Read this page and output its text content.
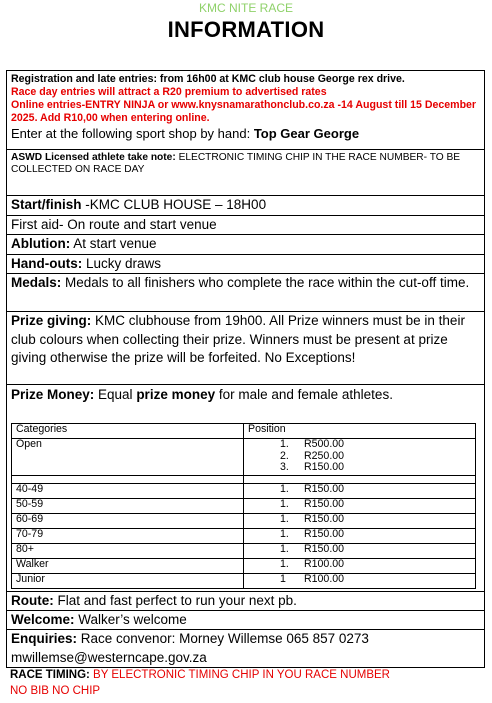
KMC NITE RACE
INFORMATION
Registration and late entries: from 16h00 at KMC club house George rex drive.
Race day entries will attract a R20 premium to advertised rates
Online entries-ENTRY NINJA or www.knysnamarathonclub.co.za -14 August till 15 December 2025. Add R10,00 when entering online.
Enter at the following sport shop by hand: Top Gear George
ASWD Licensed athlete take note: ELECTRONIC TIMING CHIP IN THE RACE NUMBER- TO BE COLLECTED ON RACE DAY
Start/finish -KMC CLUB HOUSE – 18H00
First aid- On route and start venue
Ablution: At start venue
Hand-outs: Lucky draws
Medals: Medals to all finishers who complete the race within the cut-off time.
Prize giving: KMC clubhouse from 19h00. All Prize winners must be in their club colours when collecting their prize. Winners must be present at prize giving otherwise the prize will be forfeited. No Exceptions!
Prize Money: Equal prize money for male and female athletes.
Categories	Position
Open	1. R500.00
2. R250.00
3. R150.00

40-49	1. R150.00

50-59	1. R150.00

60-69	1. R150.00

70-79	1. R150.00

80+	1. R150.00

Walker	1. R100.00

Junior	1 R100.00
Route: Flat and fast perfect to run your next pb.
Welcome: Walker’s welcome
Enquiries: Race convenor: Morney Willemse 065 857 0273
mwillemse@westerncape.gov.za
RACE TIMING: BY ELECTRONIC TIMING CHIP IN YOU RACE NUMBER
NO BIB NO CHIP
